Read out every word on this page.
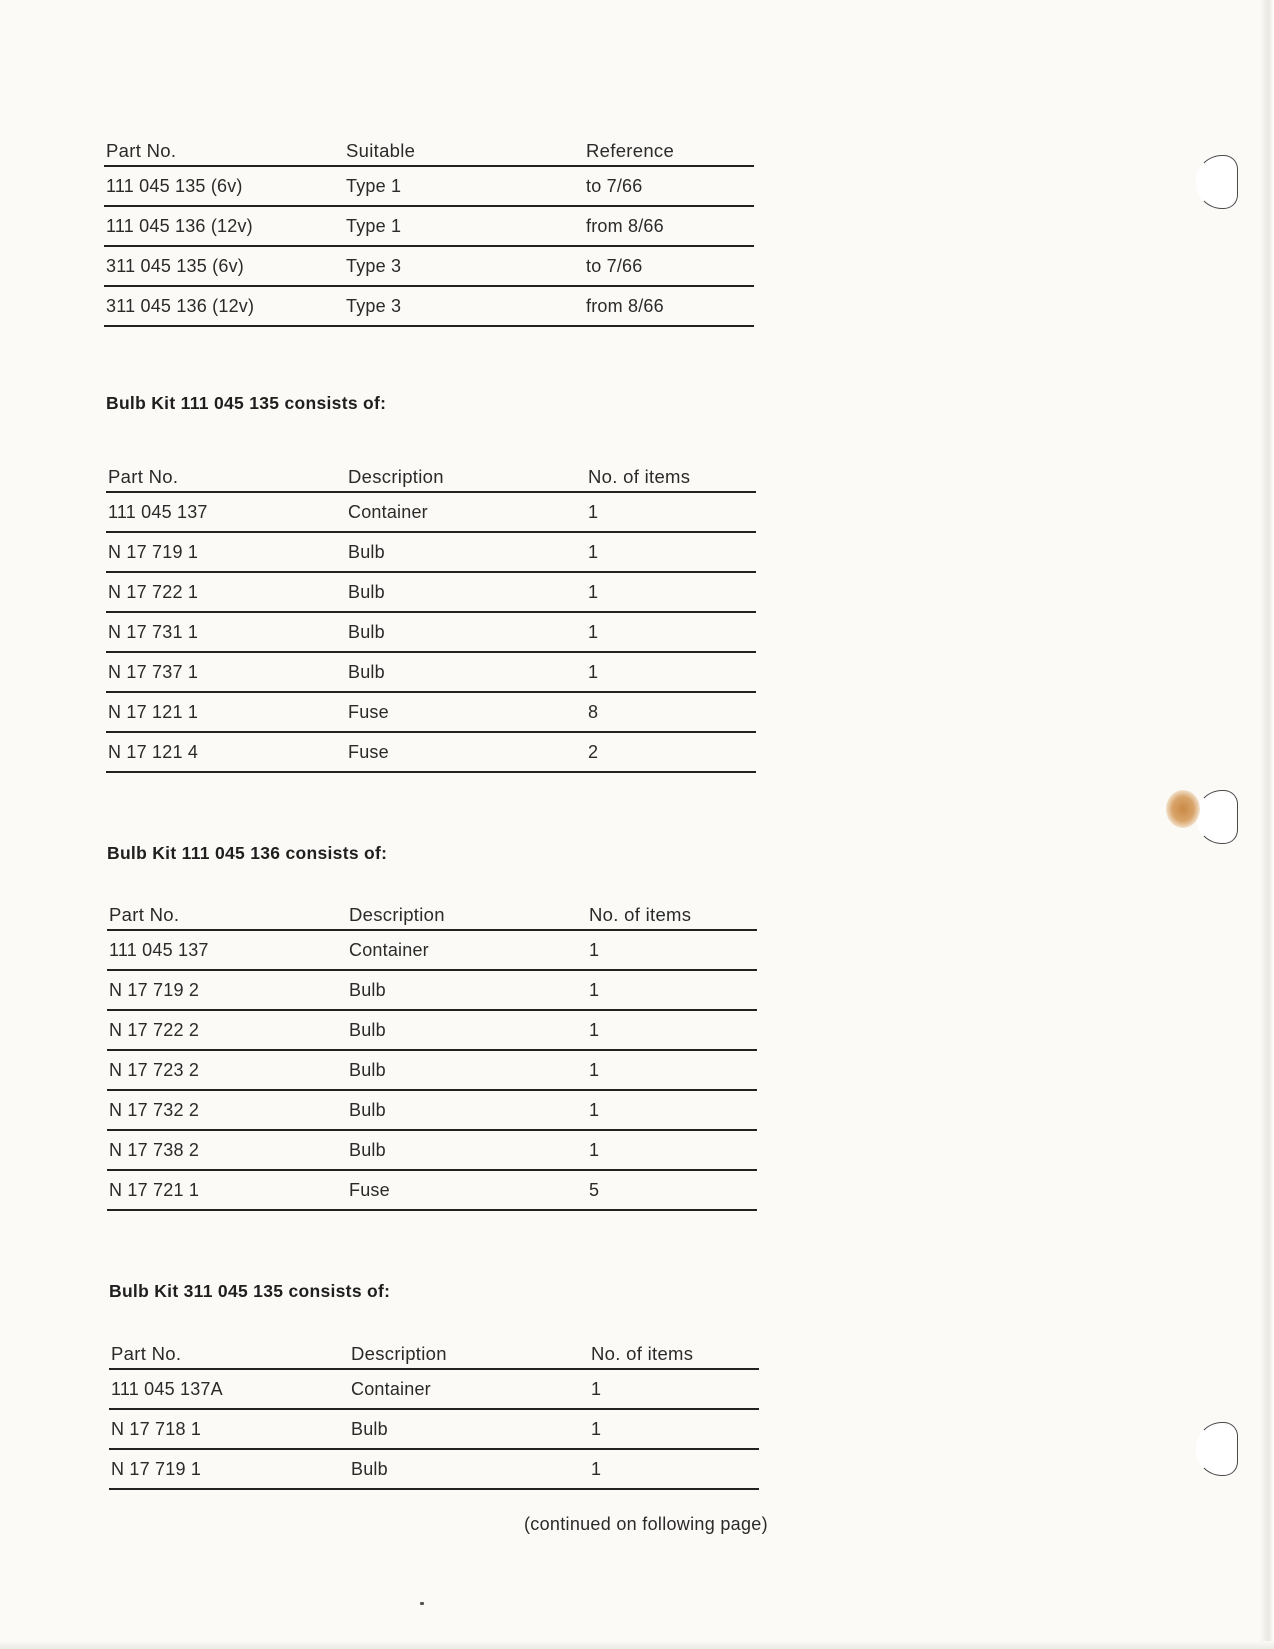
Part No.	Suitable	Reference
111 045 135 (6v)	Type 1	to 7/66
111 045 136 (12v)	Type 1	from 8/66
311 045 135 (6v)	Type 3	to 7/66
311 045 136 (12v)	Type 3	from 8/66
Bulb Kit 111 045 135 consists of:
Part No.	Description	No. of items
111 045 137	Container	1
N 17 719 1	Bulb	1
N 17 722 1	Bulb	1
N 17 731 1	Bulb	1
N 17 737 1	Bulb	1
N 17 121 1	Fuse	8
N 17 121 4	Fuse	2
Bulb Kit 111 045 136 consists of:
Part No.	Description	No. of items
111 045 137	Container	1
N 17 719 2	Bulb	1
N 17 722 2	Bulb	1
N 17 723 2	Bulb	1
N 17 732 2	Bulb	1
N 17 738 2	Bulb	1
N 17 721 1	Fuse	5
Bulb Kit 311 045 135 consists of:
Part No.	Description	No. of items
111 045 137A	Container	1
N 17 718 1	Bulb	1
N 17 719 1	Bulb	1
(continued on following page)
